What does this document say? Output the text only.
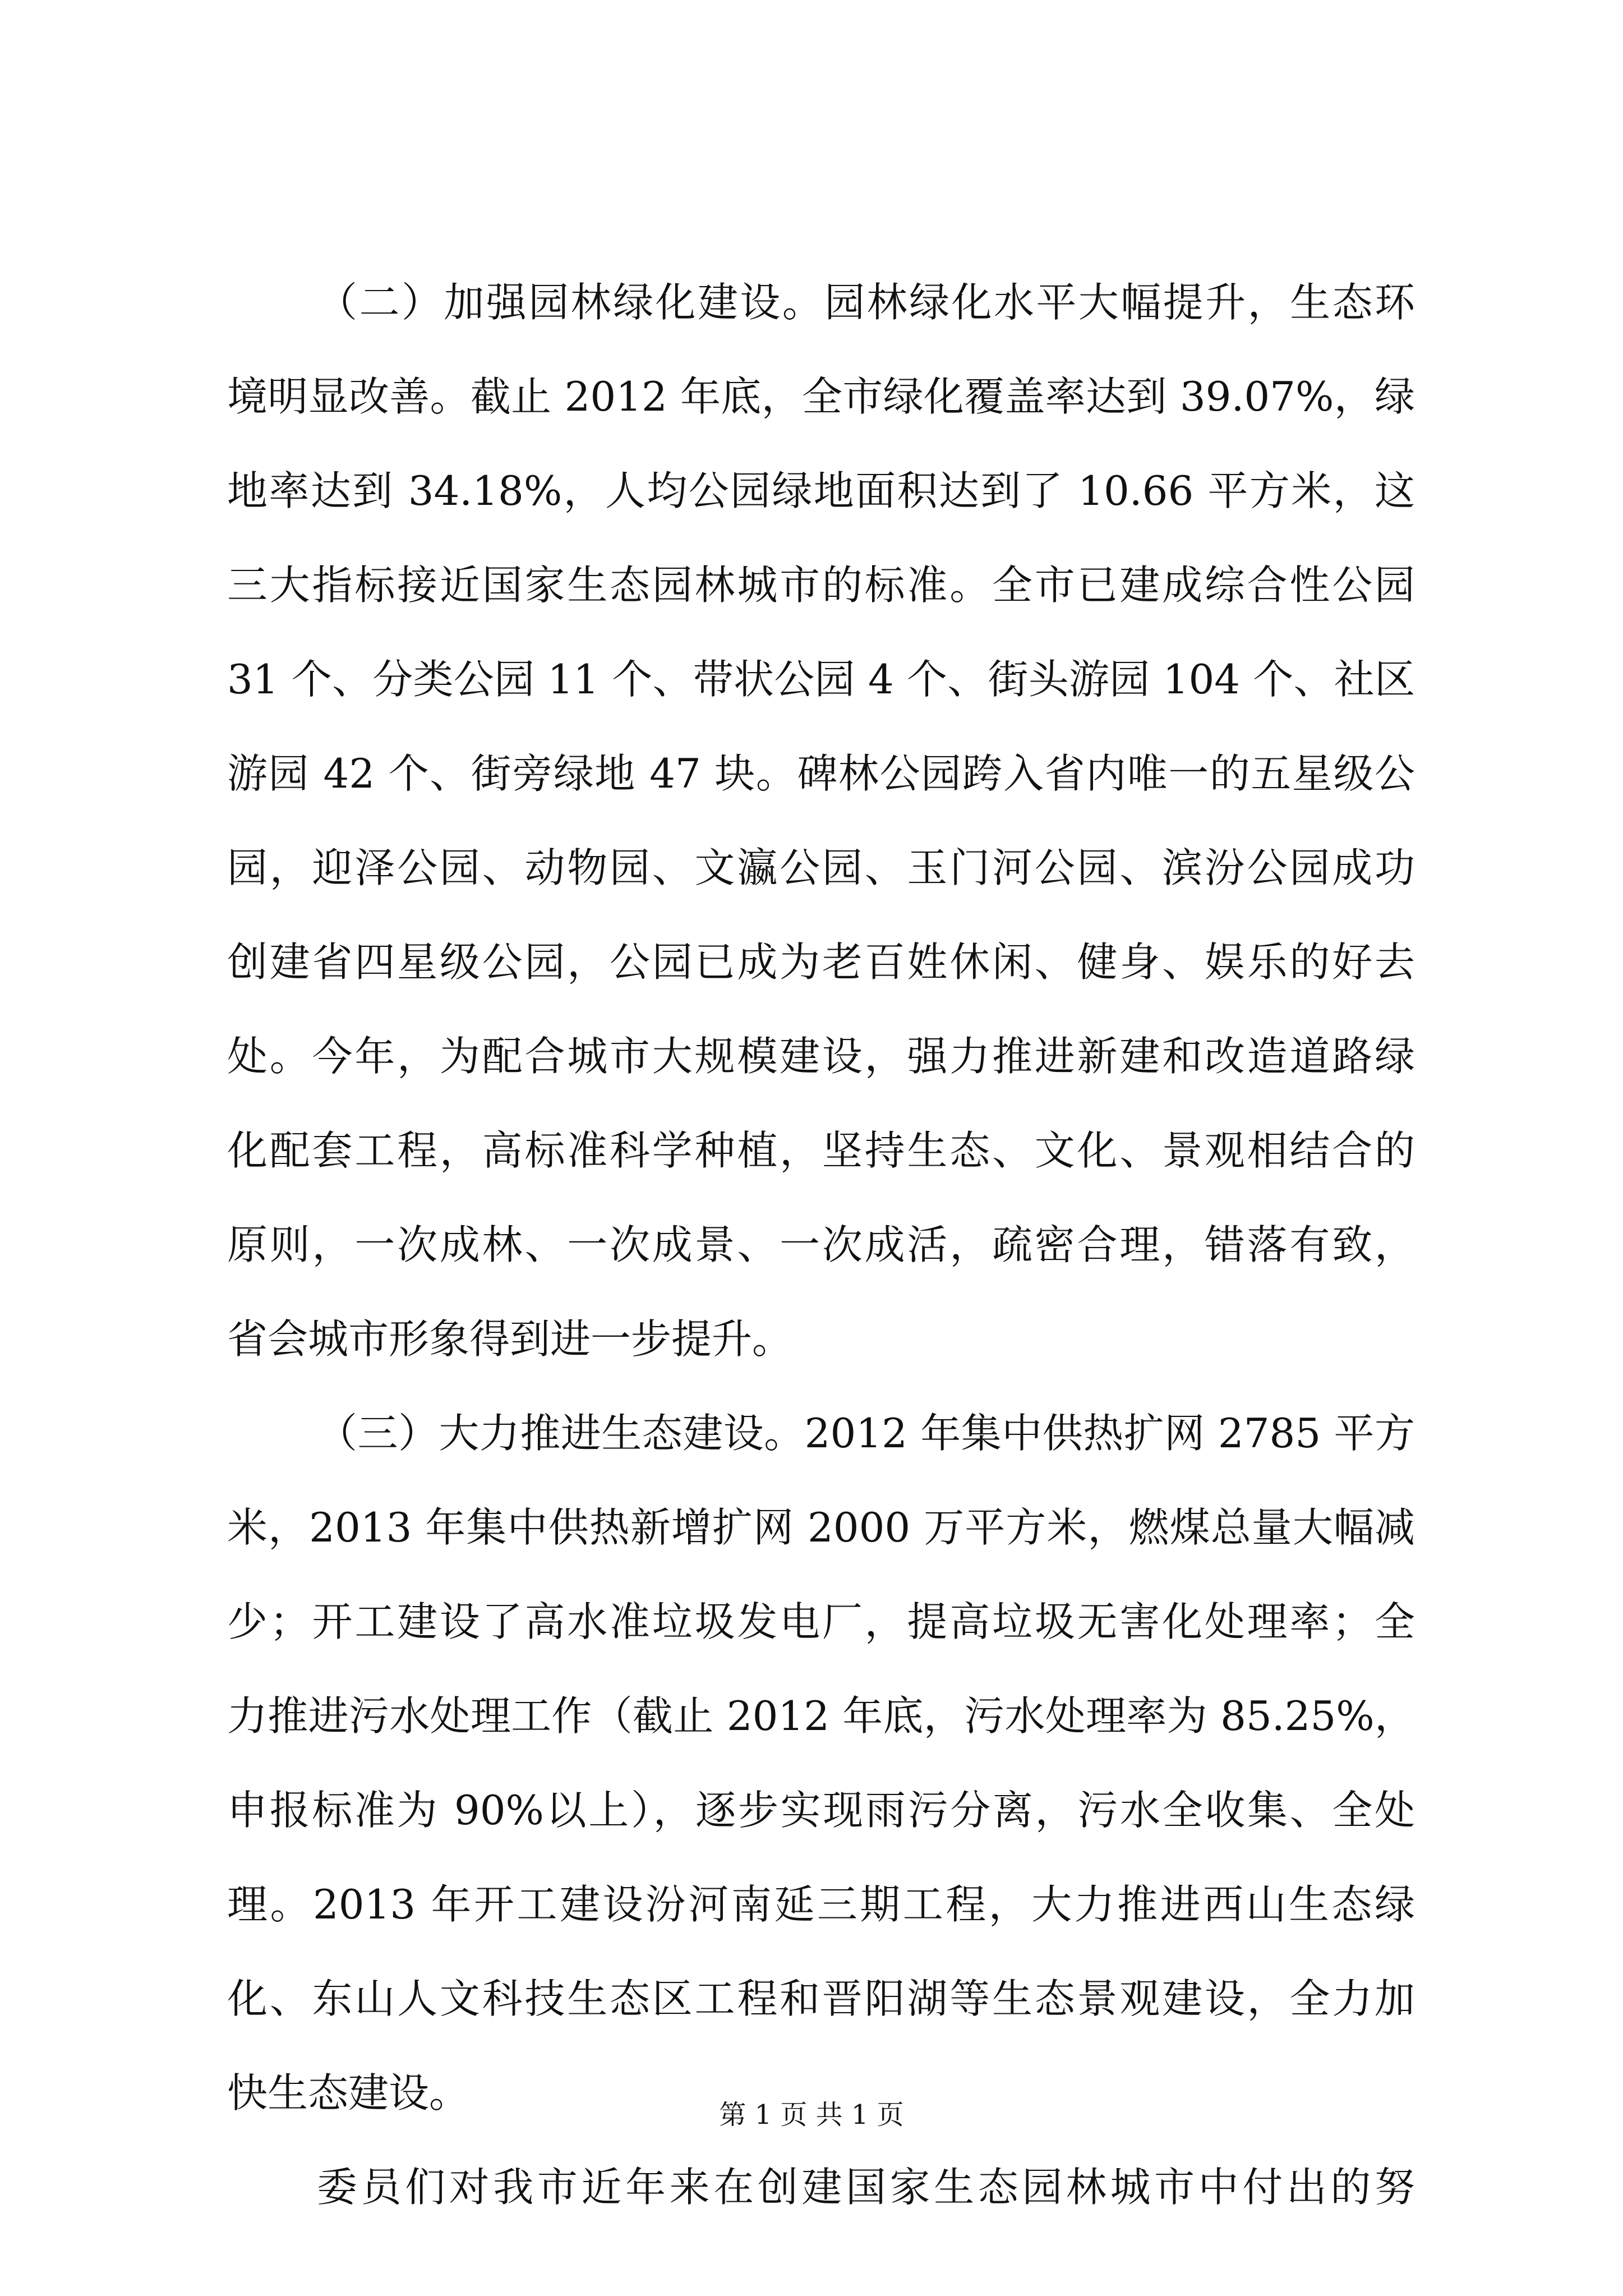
（二）加强园林绿化建设。园林绿化水平大幅提升，生态环
境明显改善。截止 2012 年底，全市绿化覆盖率达到 39.07%，绿
地率达到 34.18%，人均公园绿地面积达到了 10.66 平方米，这
三大指标接近国家生态园林城市的标准。全市已建成综合性公园
31 个、分类公园 11 个、带状公园 4 个、街头游园 104 个、社区
游园 42 个、街旁绿地 47 块。碑林公园跨入省内唯一的五星级公
园，迎泽公园、动物园、文瀛公园、玉门河公园、滨汾公园成功
创建省四星级公园，公园已成为老百姓休闲、健身、娱乐的好去
处。今年，为配合城市大规模建设，强力推进新建和改造道路绿
化配套工程，高标准科学种植，坚持生态、文化、景观相结合的
原则，一次成林、一次成景、一次成活，疏密合理，错落有致，
省会城市形象得到进一步提升。
（三）大力推进生态建设。2012 年集中供热扩网 2785 平方
米，2013 年集中供热新增扩网 2000 万平方米，燃煤总量大幅减
少；开工建设了高水准垃圾发电厂，提高垃圾无害化处理率；全
力推进污水处理工作（截止 2012 年底，污水处理率为 85.25%，
申报标准为 90%以上），逐步实现雨污分离，污水全收集、全处
理。2013 年开工建设汾河南延三期工程，大力推进西山生态绿
化、东山人文科技生态区工程和晋阳湖等生态景观建设，全力加
快生态建设。
委员们对我市近年来在创建国家生态园林城市中付出的努
第 1 页 共 1 页
